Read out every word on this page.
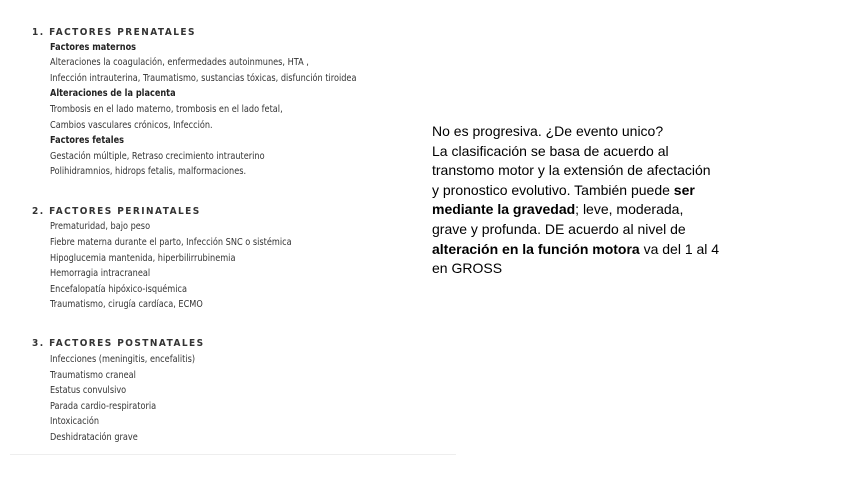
1. FACTORES PRENATALES
Factores maternos
Alteraciones la coagulación, enfermedades autoinmunes, HTA ,
Infección intrauterina, Traumatismo, sustancias tóxicas, disfunción tiroidea
Alteraciones de la placenta
Trombosis en el lado materno, trombosis en el lado fetal,
Cambios vasculares crónicos, Infección.
Factores fetales
Gestación múltiple, Retraso crecimiento intrauterino
Polihidramnios, hidrops fetalis, malformaciones.
2. FACTORES PERINATALES
Prematuridad, bajo peso
Fiebre materna durante el parto, Infección SNC o sistémica
Hipoglucemia mantenida, hiperbilirrubinemia
Hemorragia intracraneal
Encefalopatía hipóxico-isquémica
Traumatismo, cirugía cardíaca, ECMO
3. FACTORES POSTNATALES
Infecciones (meningitis, encefalitis)
Traumatismo craneal
Estatus convulsivo
Parada cardio-respiratoria
Intoxicación
Deshidratación grave

No es progresiva. ¿De evento unico?

La clasificación se basa de acuerdo al

transtomo motor y la extensión de afectación

y pronostico evolutivo. También puede ser

mediante la gravedad; leve, moderada,

grave y profunda. DE acuerdo al nivel de

alteración en la función motora va del 1 al 4

en GROSS
